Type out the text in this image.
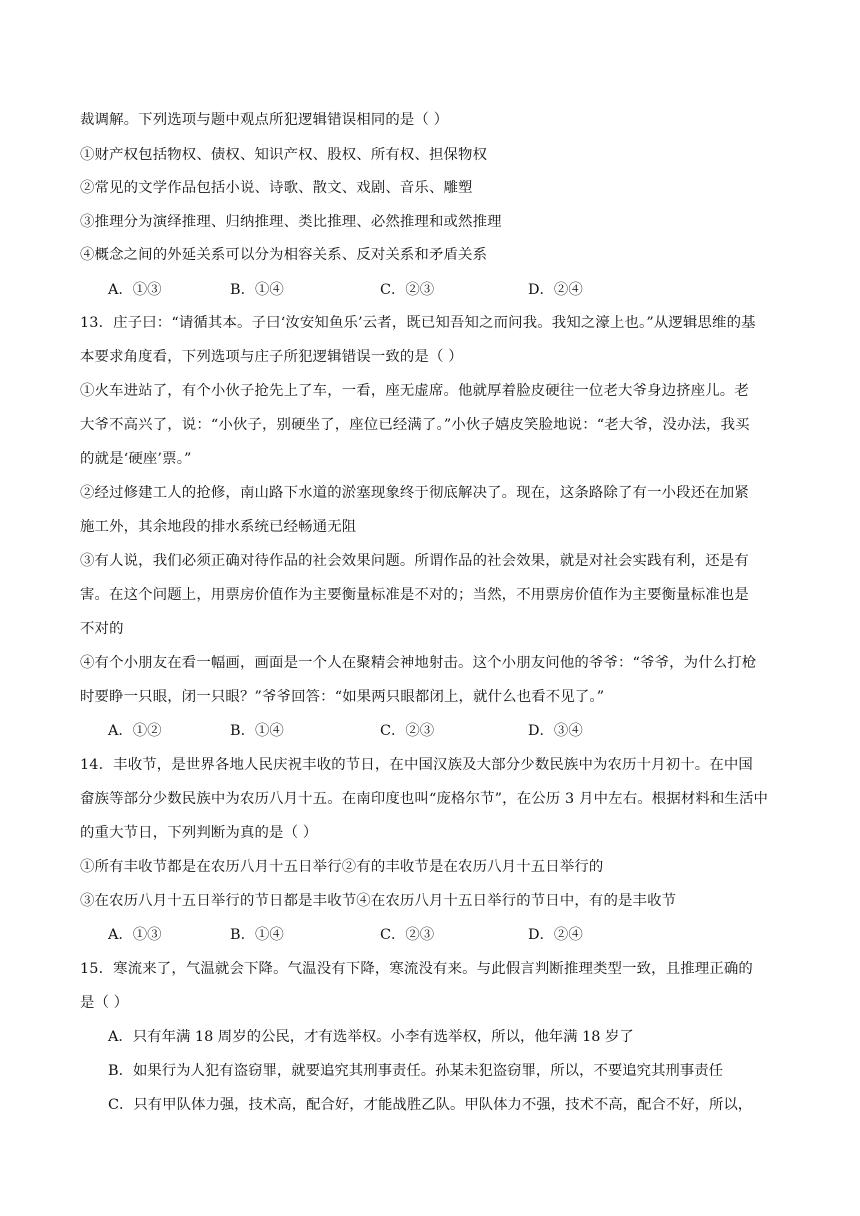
裁调解。下列选项与题中观点所犯逻辑错误相同的是（ ）
①财产权包括物权、债权、知识产权、股权、所有权、担保物权
②常见的文学作品包括小说、诗歌、散文、戏剧、音乐、雕塑
③推理分为演绎推理、归纳推理、类比推理、必然推理和或然推理
④概念之间的外延关系可以分为相容关系、反对关系和矛盾关系
A．①③	B．①④	C．②③	D．②④
13．庄子曰：“请循其本。子曰‘汝安知鱼乐’云者，既已知吾知之而问我。我知之濠上也。”从逻辑思维的基
本要求角度看，下列选项与庄子所犯逻辑错误一致的是（ ）
①火车进站了，有个小伙子抢先上了车，一看，座无虚席。他就厚着脸皮硬往一位老大爷身边挤座儿。老
大爷不高兴了，说：“小伙子，别硬坐了，座位已经满了。”小伙子嬉皮笑脸地说：“老大爷，没办法，我买
的就是‘硬座’票。”
②经过修建工人的抢修，南山路下水道的淤塞现象终于彻底解决了。现在，这条路除了有一小段还在加紧
施工外，其余地段的排水系统已经畅通无阻
③有人说，我们必须正确对待作品的社会效果问题。所谓作品的社会效果，就是对社会实践有利，还是有
害。在这个问题上，用票房价值作为主要衡量标准是不对的；当然，不用票房价值作为主要衡量标准也是
不对的
④有个小朋友在看一幅画，画面是一个人在聚精会神地射击。这个小朋友问他的爷爷：“爷爷，为什么打枪
时要睁一只眼，闭一只眼？”爷爷回答：“如果两只眼都闭上，就什么也看不见了。”
A．①②	B．①④	C．②③	D．③④
14．丰收节，是世界各地人民庆祝丰收的节日，在中国汉族及大部分少数民族中为农历十月初十。在中国
畲族等部分少数民族中为农历八月十五。在南印度也叫“庞格尔节”，在公历 3 月中左右。根据材料和生活中
的重大节日，下列判断为真的是（ ）
①所有丰收节都是在农历八月十五日举行②有的丰收节是在农历八月十五日举行的
③在农历八月十五日举行的节日都是丰收节④在农历八月十五日举行的节日中，有的是丰收节
A．①③	B．①④	C．②③	D．②④
15．寒流来了，气温就会下降。气温没有下降，寒流没有来。与此假言判断推理类型一致，且推理正确的
是（ ）
A．只有年满 18 周岁的公民，才有选举权。小李有选举权，所以，他年满 18 岁了
B．如果行为人犯有盗窃罪，就要追究其刑事责任。孙某未犯盗窃罪，所以，不要追究其刑事责任
C．只有甲队体力强，技术高，配合好，才能战胜乙队。甲队体力不强，技术不高，配合不好，所以，
